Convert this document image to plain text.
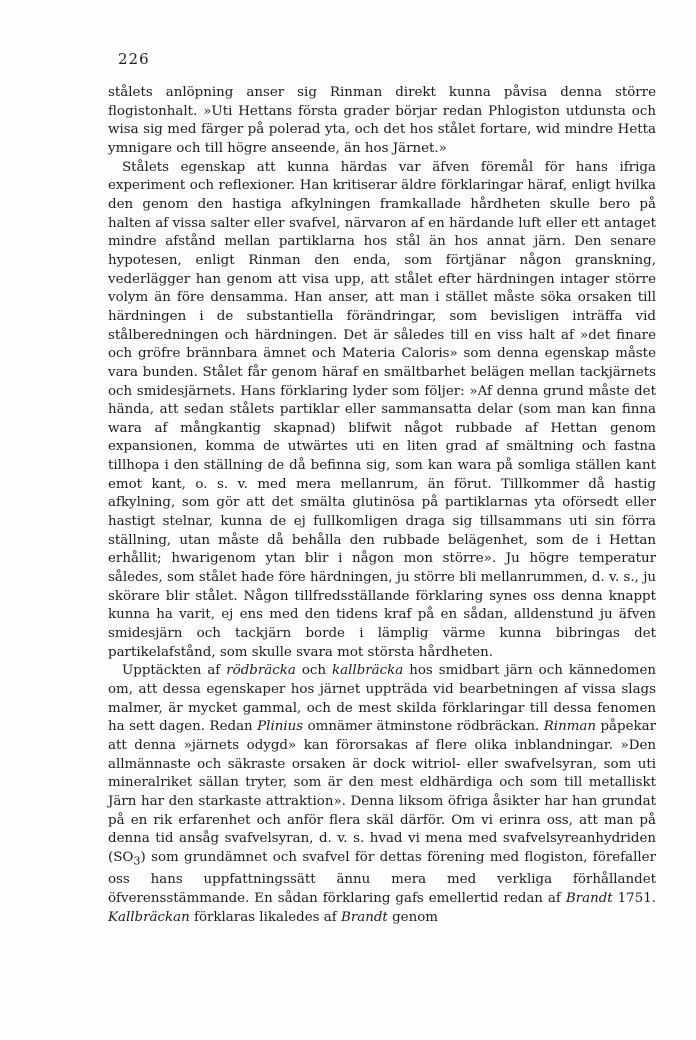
226

stålets anlöpning anser sig Rinman direkt kunna påvisa denna större flogistonhalt. »Uti Hettans första grader börjar redan Phlogiston utdunsta och wisa sig med färger på polerad yta, och det hos stålet fortare, wid mindre Hetta ymnigare och till högre anseende, än hos Järnet.»

Stålets egenskap att kunna härdas var äfven föremål för hans ifriga experiment och reflexioner. Han kritiserar äldre förklaringar häraf, enligt hvilka den genom den hastiga afkylningen framkallade hårdheten skulle bero på halten af vissa salter eller svafvel, närvaron af en härdande luft eller ett antaget mindre afstånd mellan partiklarna hos stål än hos annat järn. Den senare hypotesen, enligt Rinman den enda, som förtjänar någon granskning, vederlägger han genom att visa upp, att stålet efter härdningen intager större volym än före densamma. Han anser, att man i stället måste söka orsaken till härdningen i de substantiella förändringar, som bevisligen inträffa vid stålberedningen och härdningen. Det är således till en viss halt af »det finare och gröfre brännbara ämnet och Materia Caloris» som denna egenskap måste vara bunden. Stålet får genom häraf en smältbarhet belägen mellan tackjärnets och smidesjärnets. Hans förklaring lyder som följer: »Af denna grund måste det hända, att sedan stålets partiklar eller sammansatta delar (som man kan finna wara af mångkantig skapnad) blifwit något rubbade af Hettan genom expansionen, komma de utwärtes uti en liten grad af smältning och fastna tillhopa i den ställning de då befinna sig, som kan wara på somliga ställen kant emot kant, o. s. v. med mera mellanrum, än förut. Tillkommer då hastig afkylning, som gör att det smälta glutinösa på partiklarnas yta oförsedt eller hastigt stelnar, kunna de ej fullkomligen draga sig tillsammans uti sin förra ställning, utan måste då behålla den rubbade belägenhet, som de i Hettan erhållit; hwarigenom ytan blir i någon mon större». Ju högre temperatur således, som stålet hade före härdningen, ju större bli mellanrummen, d. v. s., ju skörare blir stålet. Någon tillfredsställande förklaring synes oss denna knappt kunna ha varit, ej ens med den tidens kraf på en sådan, alldenstund ju äfven smidesjärn och tackjärn borde i lämplig värme kunna bibringas det partikelafstånd, som skulle svara mot största hårdheten.

Upptäckten af rödbräcka och kallbräcka hos smidbart järn och kännedomen om, att dessa egenskaper hos järnet uppträda vid bearbetningen af vissa slags malmer, är mycket gammal, och de mest skilda förklaringar till dessa fenomen ha sett dagen. Redan Plinius omnämer ätminstone rödbräckan. Rinman påpekar att denna »järnets odygd» kan förorsakas af flere olika inblandningar. »Den allmännaste och säkraste orsaken är dock witriol- eller swafvelsyran, som uti mineralriket sällan tryter, som är den mest eldhärdiga och som till metalliskt Järn har den starkaste attraktion». Denna liksom öfriga åsikter har han grundat på en rik erfarenhet och anför flera skäl därför. Om vi erinra oss, att man på denna tid ansåg svafvelsyran, d. v. s. hvad vi mena med svafvelsyreanhydriden $(SO_3)$ som grundämnet och svafvel för dettas förening med flogiston, förefaller oss hans uppfattningssätt ännu mera med verkliga förhållandet öfverensstämmande. En sådan förklaring gafs emellertid redan af Brandt 1751. Kallbräckan förklaras likaledes af Brandt genom
